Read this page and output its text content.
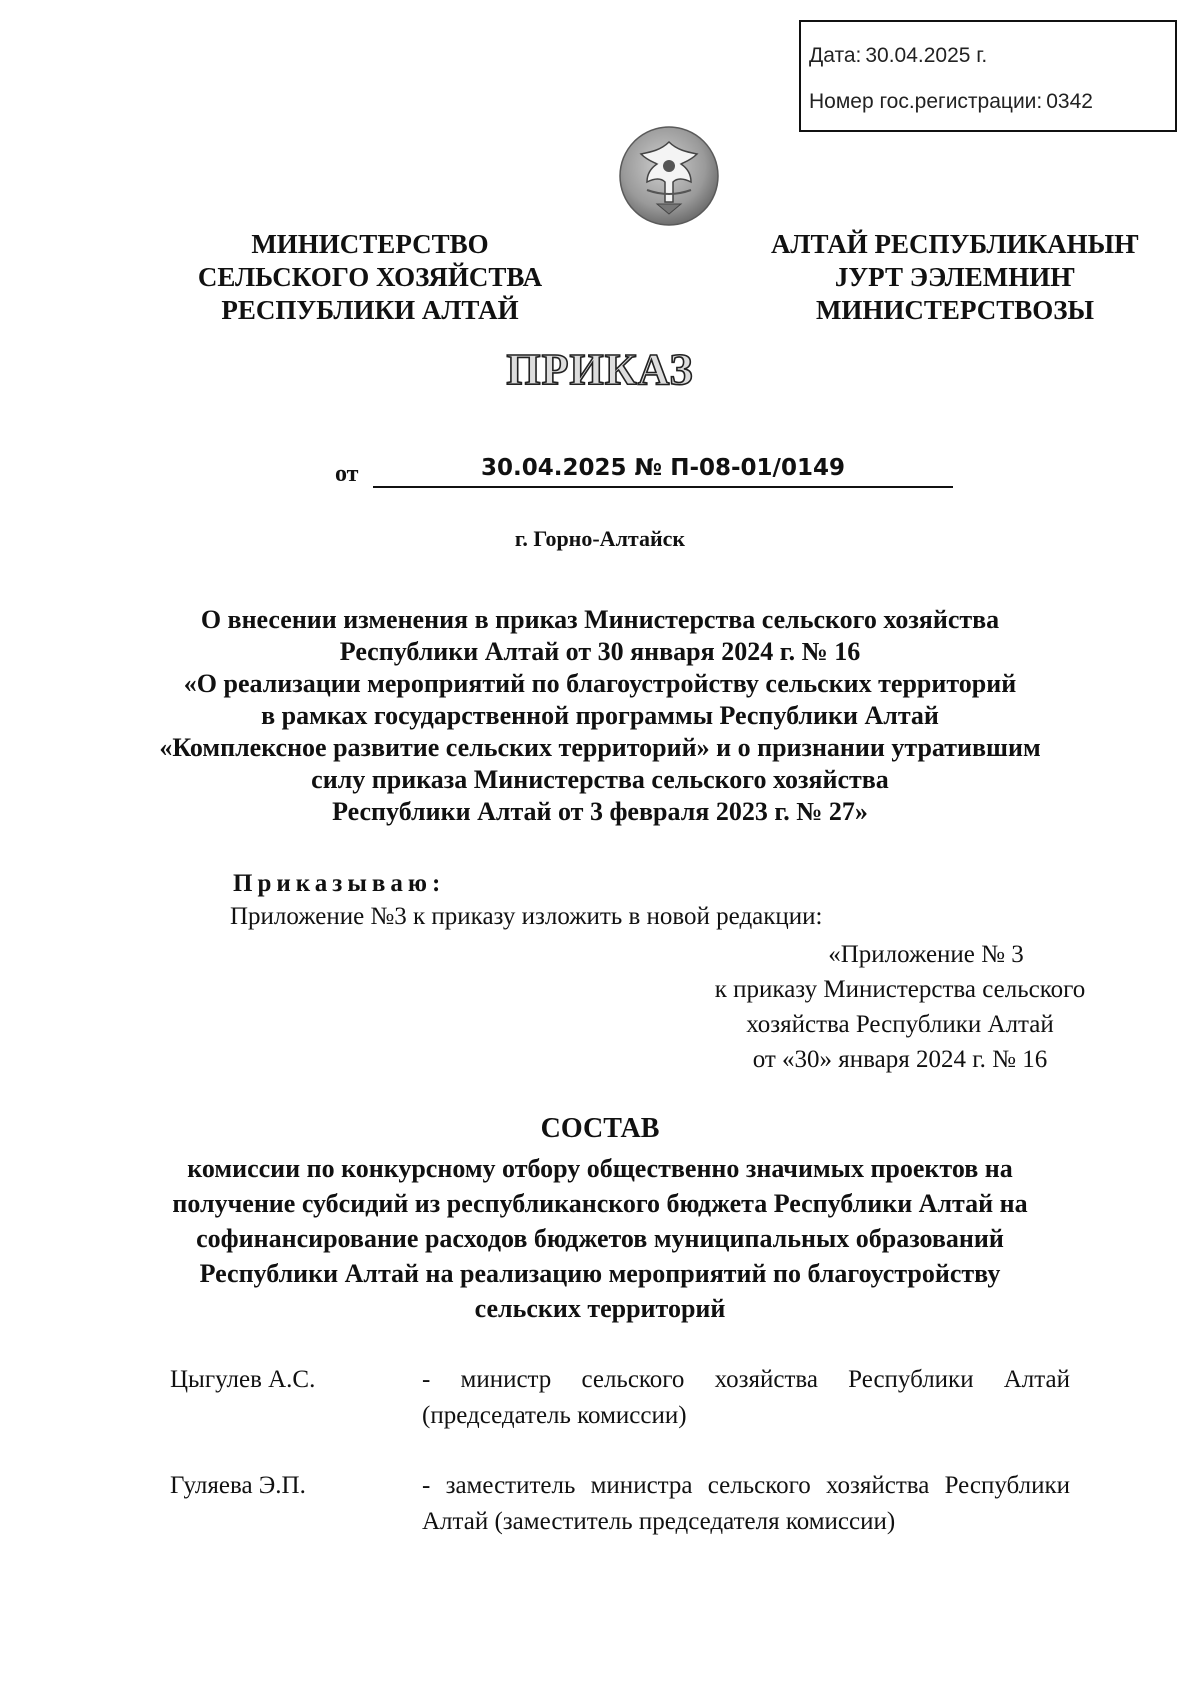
Дата: 30.04.2025 г.
Номер гос.регистрации: 0342
МИНИСТЕРСТВО
СЕЛЬСКОГО ХОЗЯЙСТВА
РЕСПУБЛИКИ АЛТАЙ
АЛТАЙ РЕСПУБЛИКАНЫҤ
ЈУРТ ЭЭЛЕМНИҤ
МИНИСТЕРСТВОЗЫ
ПРИКАЗ
от	30.04.2025 № П-08-01/0149
г. Горно-Алтайск
О внесении изменения в приказ Министерства сельского хозяйства
Республики Алтай от 30 января 2024 г. № 16
«О реализации мероприятий по благоустройству сельских территорий
в рамках государственной программы Республики Алтай
«Комплексное развитие сельских территорий» и о признании утратившим
силу приказа Министерства сельского хозяйства
Республики Алтай от 3 февраля 2023 г. № 27»
Приказываю:
Приложение №3 к приказу изложить в новой редакции:
«Приложение № 3
к приказу Министерства сельского
хозяйства Республики Алтай
от «30» января 2024 г. № 16
СОСТАВ
комиссии по конкурсному отбору общественно значимых проектов на
получение субсидий из республиканского бюджета Республики Алтай на
софинансирование расходов бюджетов муниципальных образований
Республики Алтай на реализацию мероприятий по благоустройству
сельских территорий
Цыгулев А.С.	- министр сельского хозяйства Республики Алтай (председатель комиссии)
Гуляева Э.П.	- заместитель министра сельского хозяйства Республики Алтай (заместитель председателя комиссии)
